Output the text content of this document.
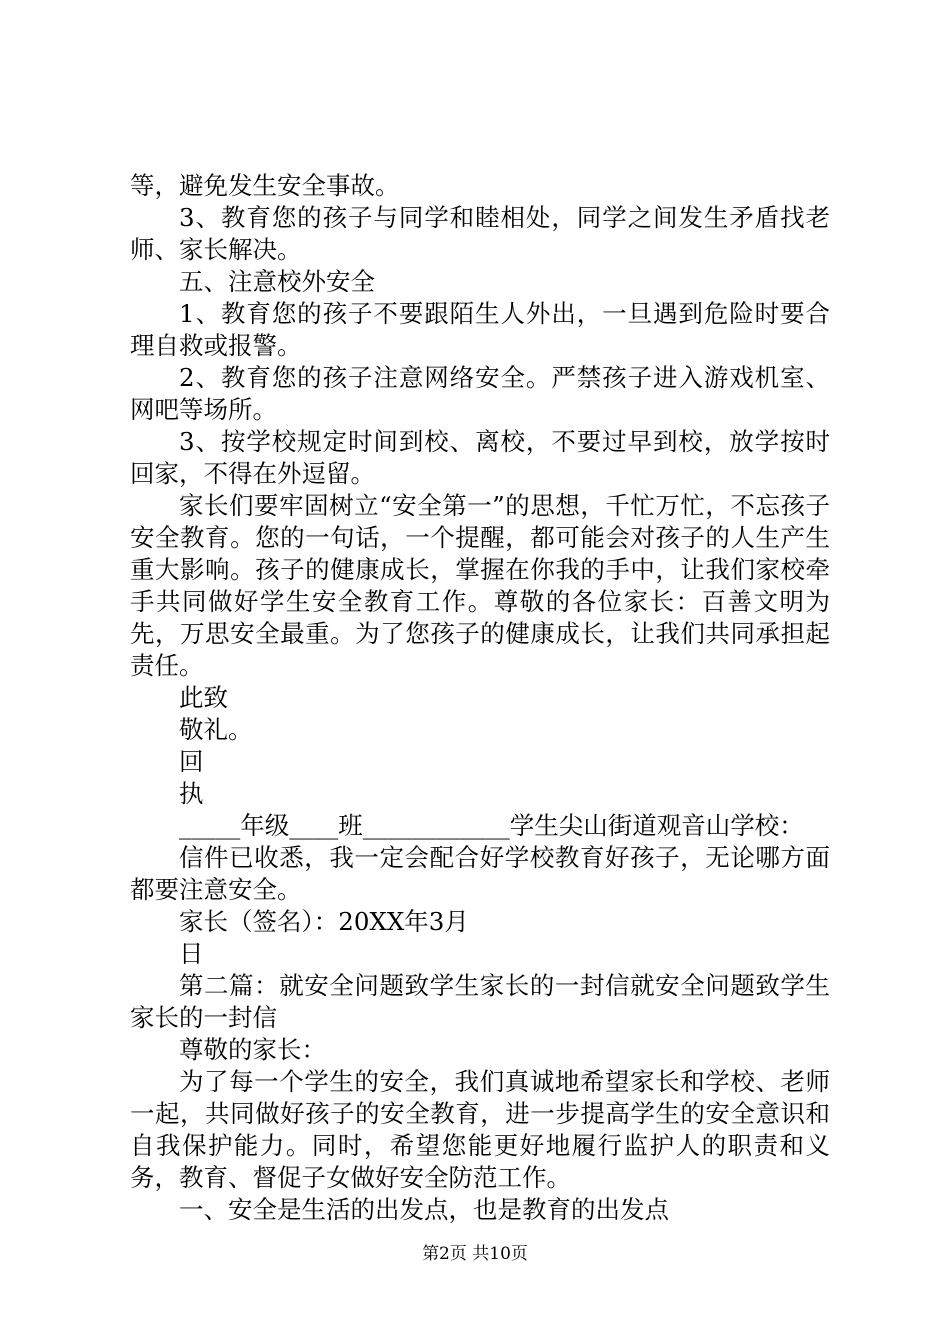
等，避免发生安全事故。

3、教育您的孩子与同学和睦相处，同学之间发生矛盾找老师、家长解决。

五、注意校外安全

1、教育您的孩子不要跟陌生人外出，一旦遇到危险时要合理自救或报警。

2、教育您的孩子注意网络安全。严禁孩子进入游戏机室、网吧等场所。

3、按学校规定时间到校、离校，不要过早到校，放学按时回家，不得在外逗留。

家长们要牢固树立“安全第一”的思想，千忙万忙，不忘孩子安全教育。您的一句话，一个提醒，都可能会对孩子的人生产生重大影响。孩子的健康成长，掌握在你我的手中，让我们家校牵手共同做好学生安全教育工作。尊敬的各位家长：百善文明为先，万思安全最重。为了您孩子的健康成长，让我们共同承担起责任。

此致

敬礼。

回

执

_____年级____班____________学生尖山街道观音山学校：

信件已收悉，我一定会配合好学校教育好孩子，无论哪方面都要注意安全。

家长（签名）：20XX年3月

日

第二篇：就安全问题致学生家长的一封信就安全问题致学生家长的一封信

尊敬的家长：

为了每一个学生的安全，我们真诚地希望家长和学校、老师一起，共同做好孩子的安全教育，进一步提高学生的安全意识和自我保护能力。同时，希望您能更好地履行监护人的职责和义务，教育、督促子女做好安全防范工作。

一、安全是生活的出发点，也是教育的出发点

第2页 共10页
